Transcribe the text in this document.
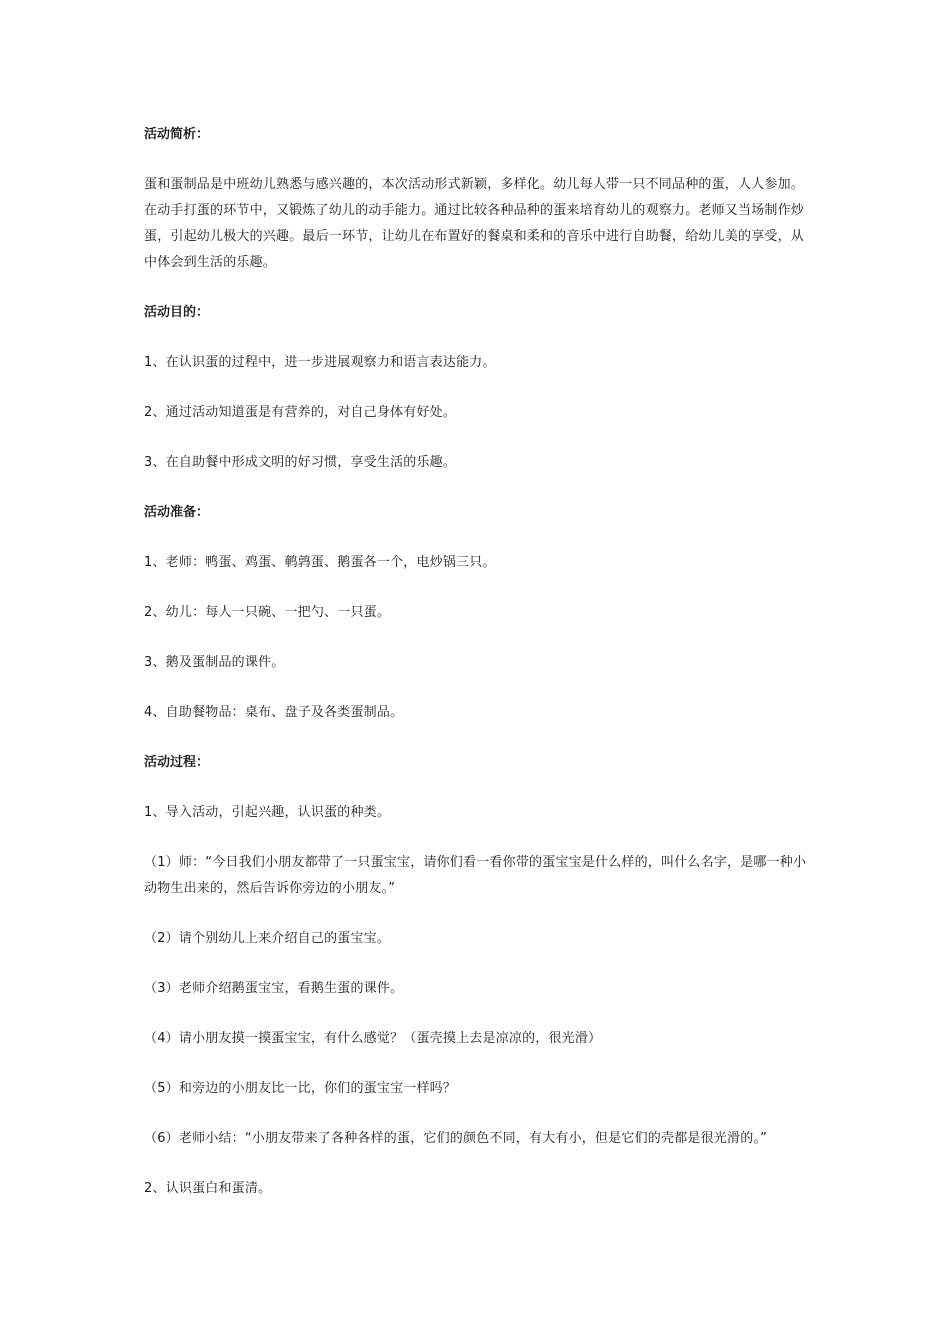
活动简析：
蛋和蛋制品是中班幼儿熟悉与感兴趣的，本次活动形式新颖，多样化。幼儿每人带一只不同品种的蛋，人人参加。在动手打蛋的环节中，又锻炼了幼儿的动手能力。通过比较各种品种的蛋来培育幼儿的观察力。老师又当场制作炒蛋，引起幼儿极大的兴趣。最后一环节，让幼儿在布置好的餐桌和柔和的音乐中进行自助餐，给幼儿美的享受，从中体会到生活的乐趣。
活动目的：
1、在认识蛋的过程中，进一步进展观察力和语言表达能力。
2、通过活动知道蛋是有营养的，对自己身体有好处。
3、在自助餐中形成文明的好习惯，享受生活的乐趣。
活动准备：
1、老师：鸭蛋、鸡蛋、鹌鹑蛋、鹅蛋各一个，电炒锅三只。
2、幼儿：每人一只碗、一把勺、一只蛋。
3、鹅及蛋制品的课件。
4、自助餐物品：桌布、盘子及各类蛋制品。
活动过程：
1、导入活动，引起兴趣，认识蛋的种类。
（1）师：“今日我们小朋友都带了一只蛋宝宝，请你们看一看你带的蛋宝宝是什么样的，叫什么名字，是哪一种小动物生出来的，然后告诉你旁边的小朋友。”
（2）请个别幼儿上来介绍自己的蛋宝宝。
（3）老师介绍鹅蛋宝宝，看鹅生蛋的课件。
（4）请小朋友摸一摸蛋宝宝，有什么感觉？（蛋壳摸上去是凉凉的，很光滑）
（5）和旁边的小朋友比一比，你们的蛋宝宝一样吗？
（6）老师小结：“小朋友带来了各种各样的蛋，它们的颜色不同，有大有小，但是它们的壳都是很光滑的。”
2、认识蛋白和蛋清。
